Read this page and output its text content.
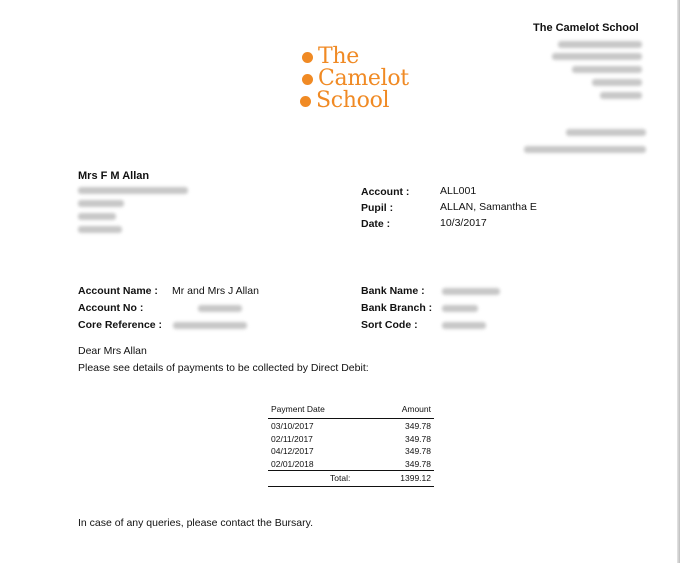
The Camelot School
The
Camelot
School
Mrs F M Allan
Account :	ALL001
Pupil :	ALLAN, Samantha E
Date :	10/3/2017
Account Name : Mr and Mrs J Allan
Account No :
Core Reference :
Bank Name :
Bank Branch :
Sort Code :
Dear Mrs Allan
Please see details of payments to be collected by Direct Debit:
Payment Date	Amount
03/10/2017	349.78
02/11/2017	349.78
04/12/2017	349.78
02/01/2018	349.78
Total:	1399.12
In case of any queries, please contact the Bursary.
